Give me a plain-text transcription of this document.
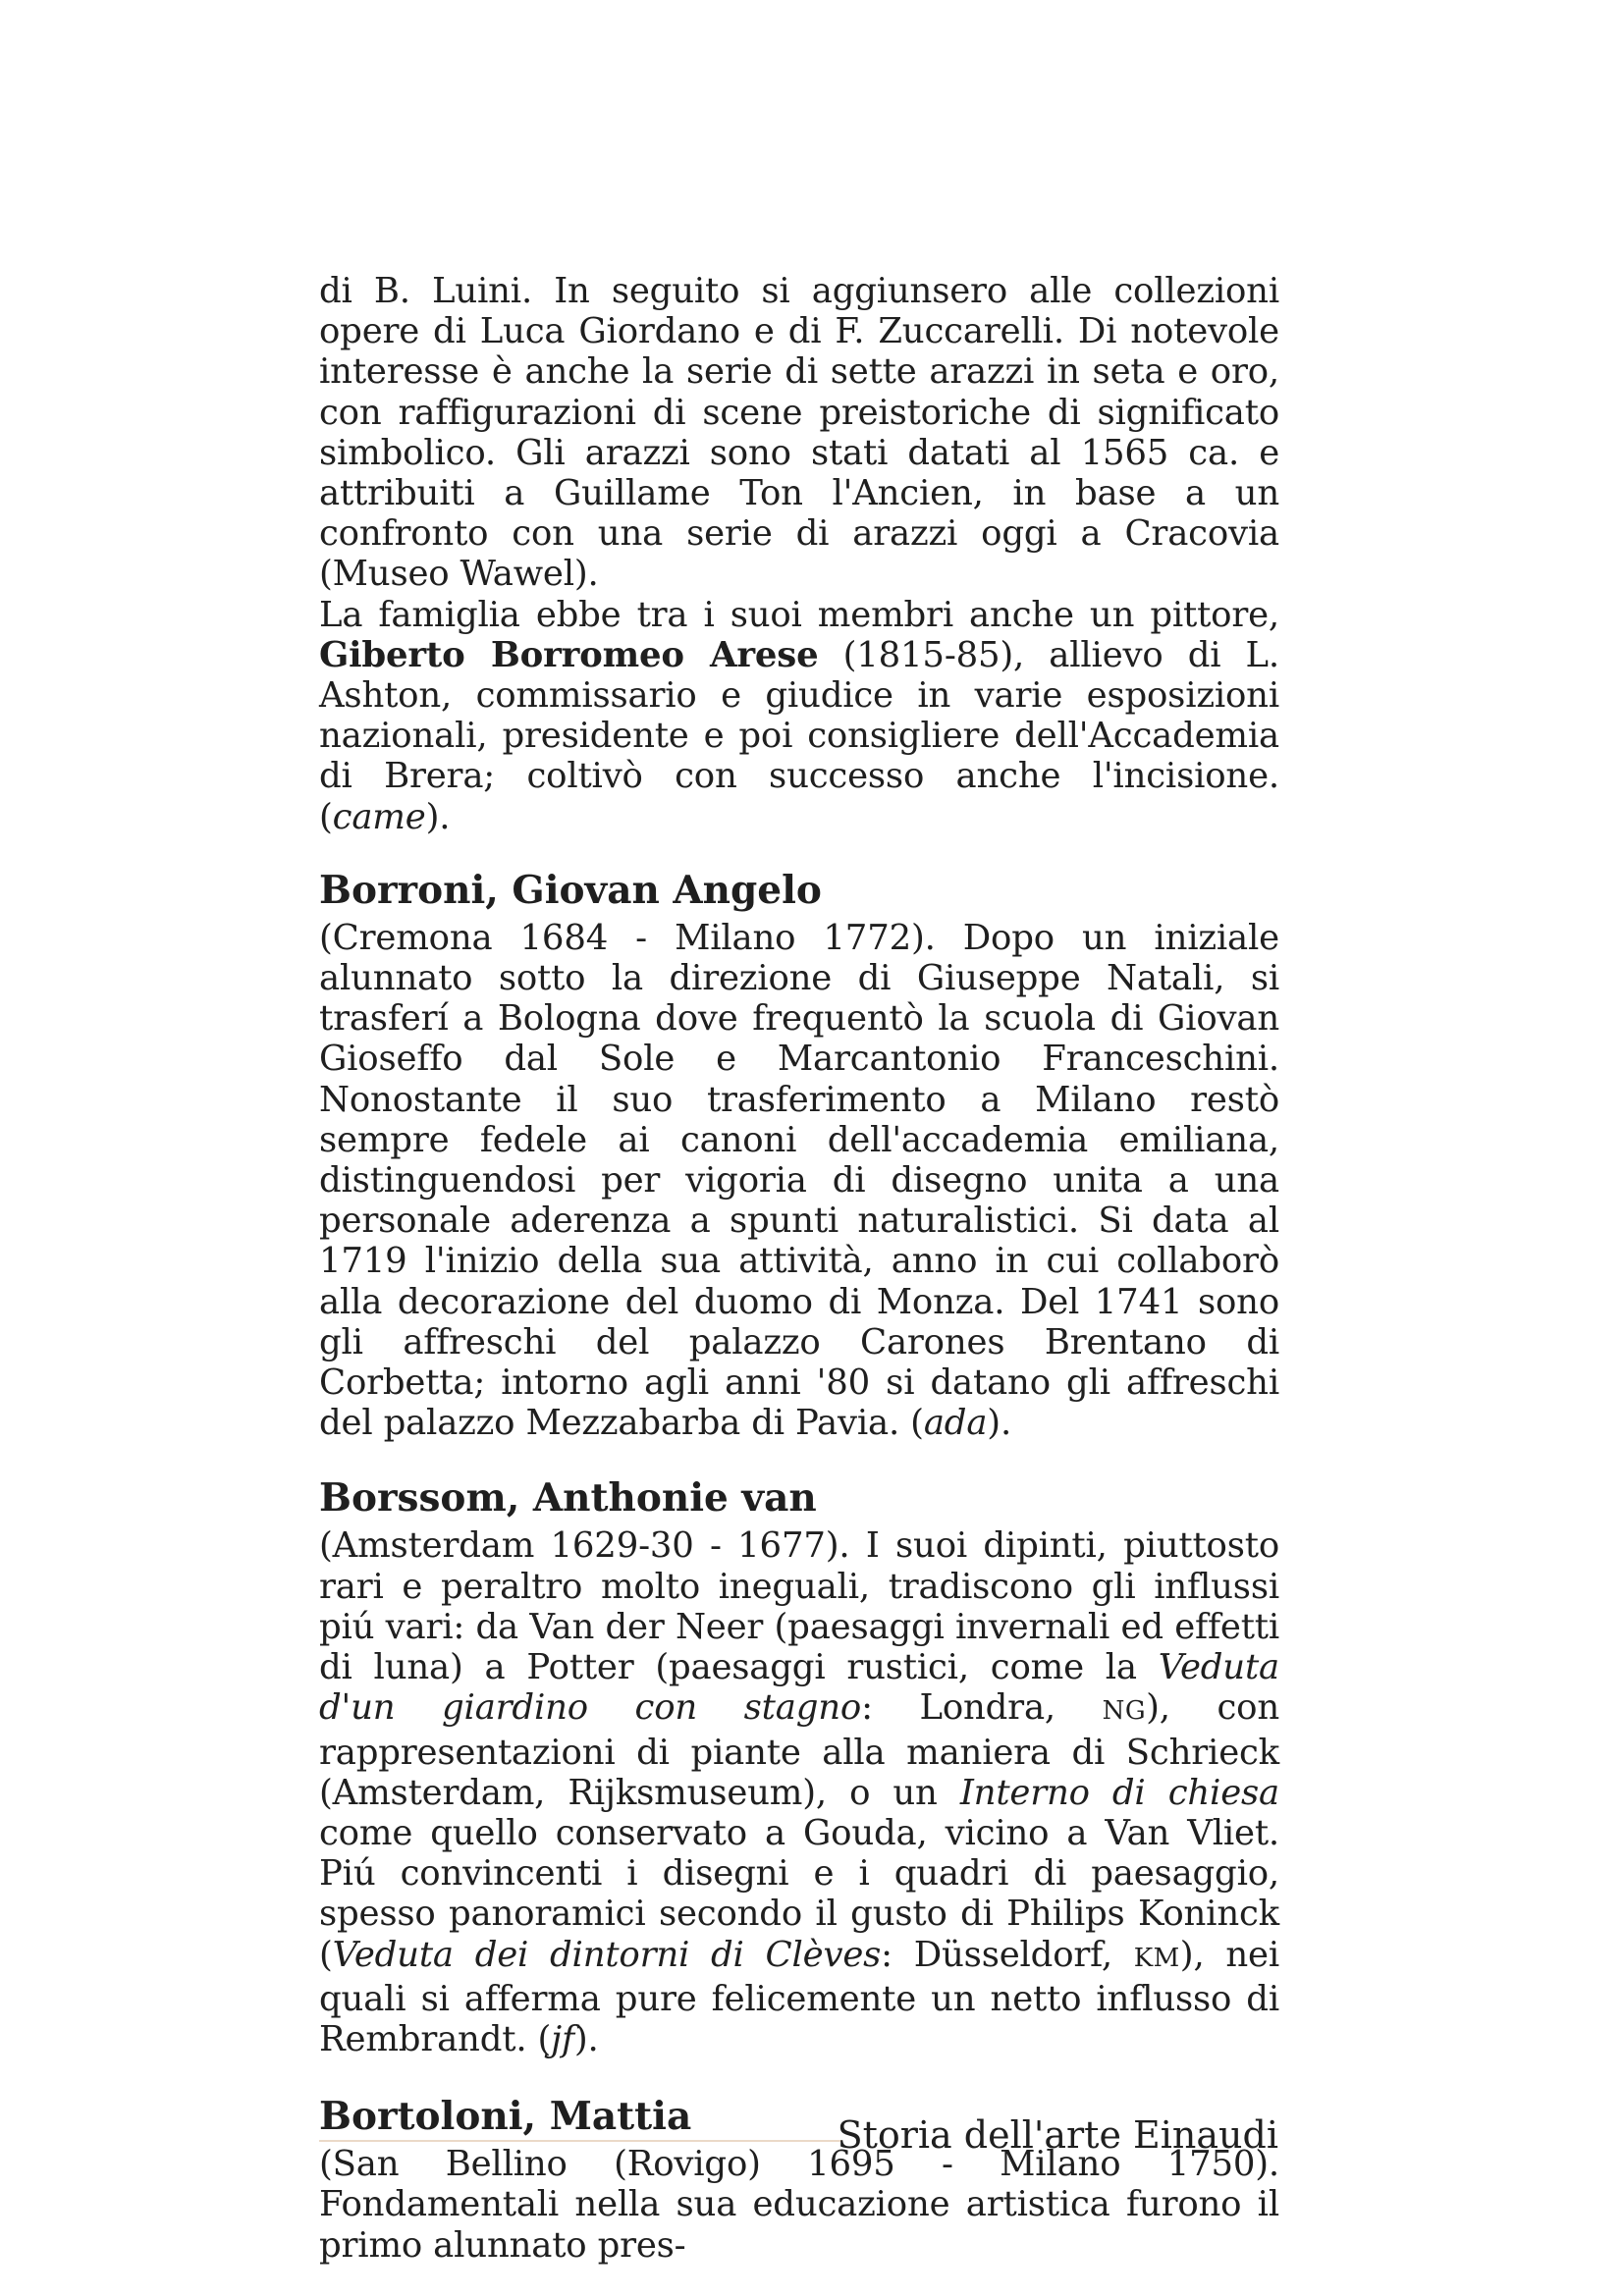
di B. Luini. In seguito si aggiunsero alle collezioni opere di Luca Giordano e di F. Zuccarelli. Di notevole interesse è anche la serie di sette arazzi in seta e oro, con raffigurazioni di scene preistoriche di significato simbolico. Gli arazzi sono stati datati al 1565 ca. e attribuiti a Guillame Ton l'Ancien, in base a un confronto con una serie di arazzi oggi a Cracovia (Museo Wawel).

La famiglia ebbe tra i suoi membri anche un pittore, Giberto Borromeo Arese (1815-85), allievo di L. Ashton, commissario e giudice in varie esposizioni nazionali, presidente e poi consigliere dell'Accademia di Brera; coltivò con successo anche l'incisione. (came).

Borroni, Giovan Angelo

(Cremona 1684 - Milano 1772). Dopo un iniziale alunnato sotto la direzione di Giuseppe Natali, si trasferí a Bologna dove frequentò la scuola di Giovan Gioseffo dal Sole e Marcantonio Franceschini. Nonostante il suo trasferimento a Milano restò sempre fedele ai canoni dell'accademia emiliana, distinguendosi per vigoria di disegno unita a una personale aderenza a spunti naturalistici. Si data al 1719 l'inizio della sua attività, anno in cui collaborò alla decorazione del duomo di Monza. Del 1741 sono gli affreschi del palazzo Carones Brentano di Corbetta; intorno agli anni '80 si datano gli affreschi del palazzo Mezzabarba di Pavia. (ada).

Borssom, Anthonie van

(Amsterdam 1629-30 - 1677). I suoi dipinti, piuttosto rari e peraltro molto ineguali, tradiscono gli influssi piú vari: da Van der Neer (paesaggi invernali ed effetti di luna) a Potter (paesaggi rustici, come la Veduta d'un giardino con stagno: Londra, NG), con rappresentazioni di piante alla maniera di Schrieck (Amsterdam, Rijksmuseum), o un Interno di chiesa come quello conservato a Gouda, vicino a Van Vliet. Piú convincenti i disegni e i quadri di paesaggio, spesso panoramici secondo il gusto di Philips Koninck (Veduta dei dintorni di Clèves: Düsseldorf, KM), nei quali si afferma pure felicemente un netto influsso di Rembrandt. (jf).

Bortoloni, Mattia

(San Bellino (Rovigo) 1695 - Milano 1750). Fondamentali nella sua educazione artistica furono il primo alunnato pres-

Storia dell'arte Einaudi
